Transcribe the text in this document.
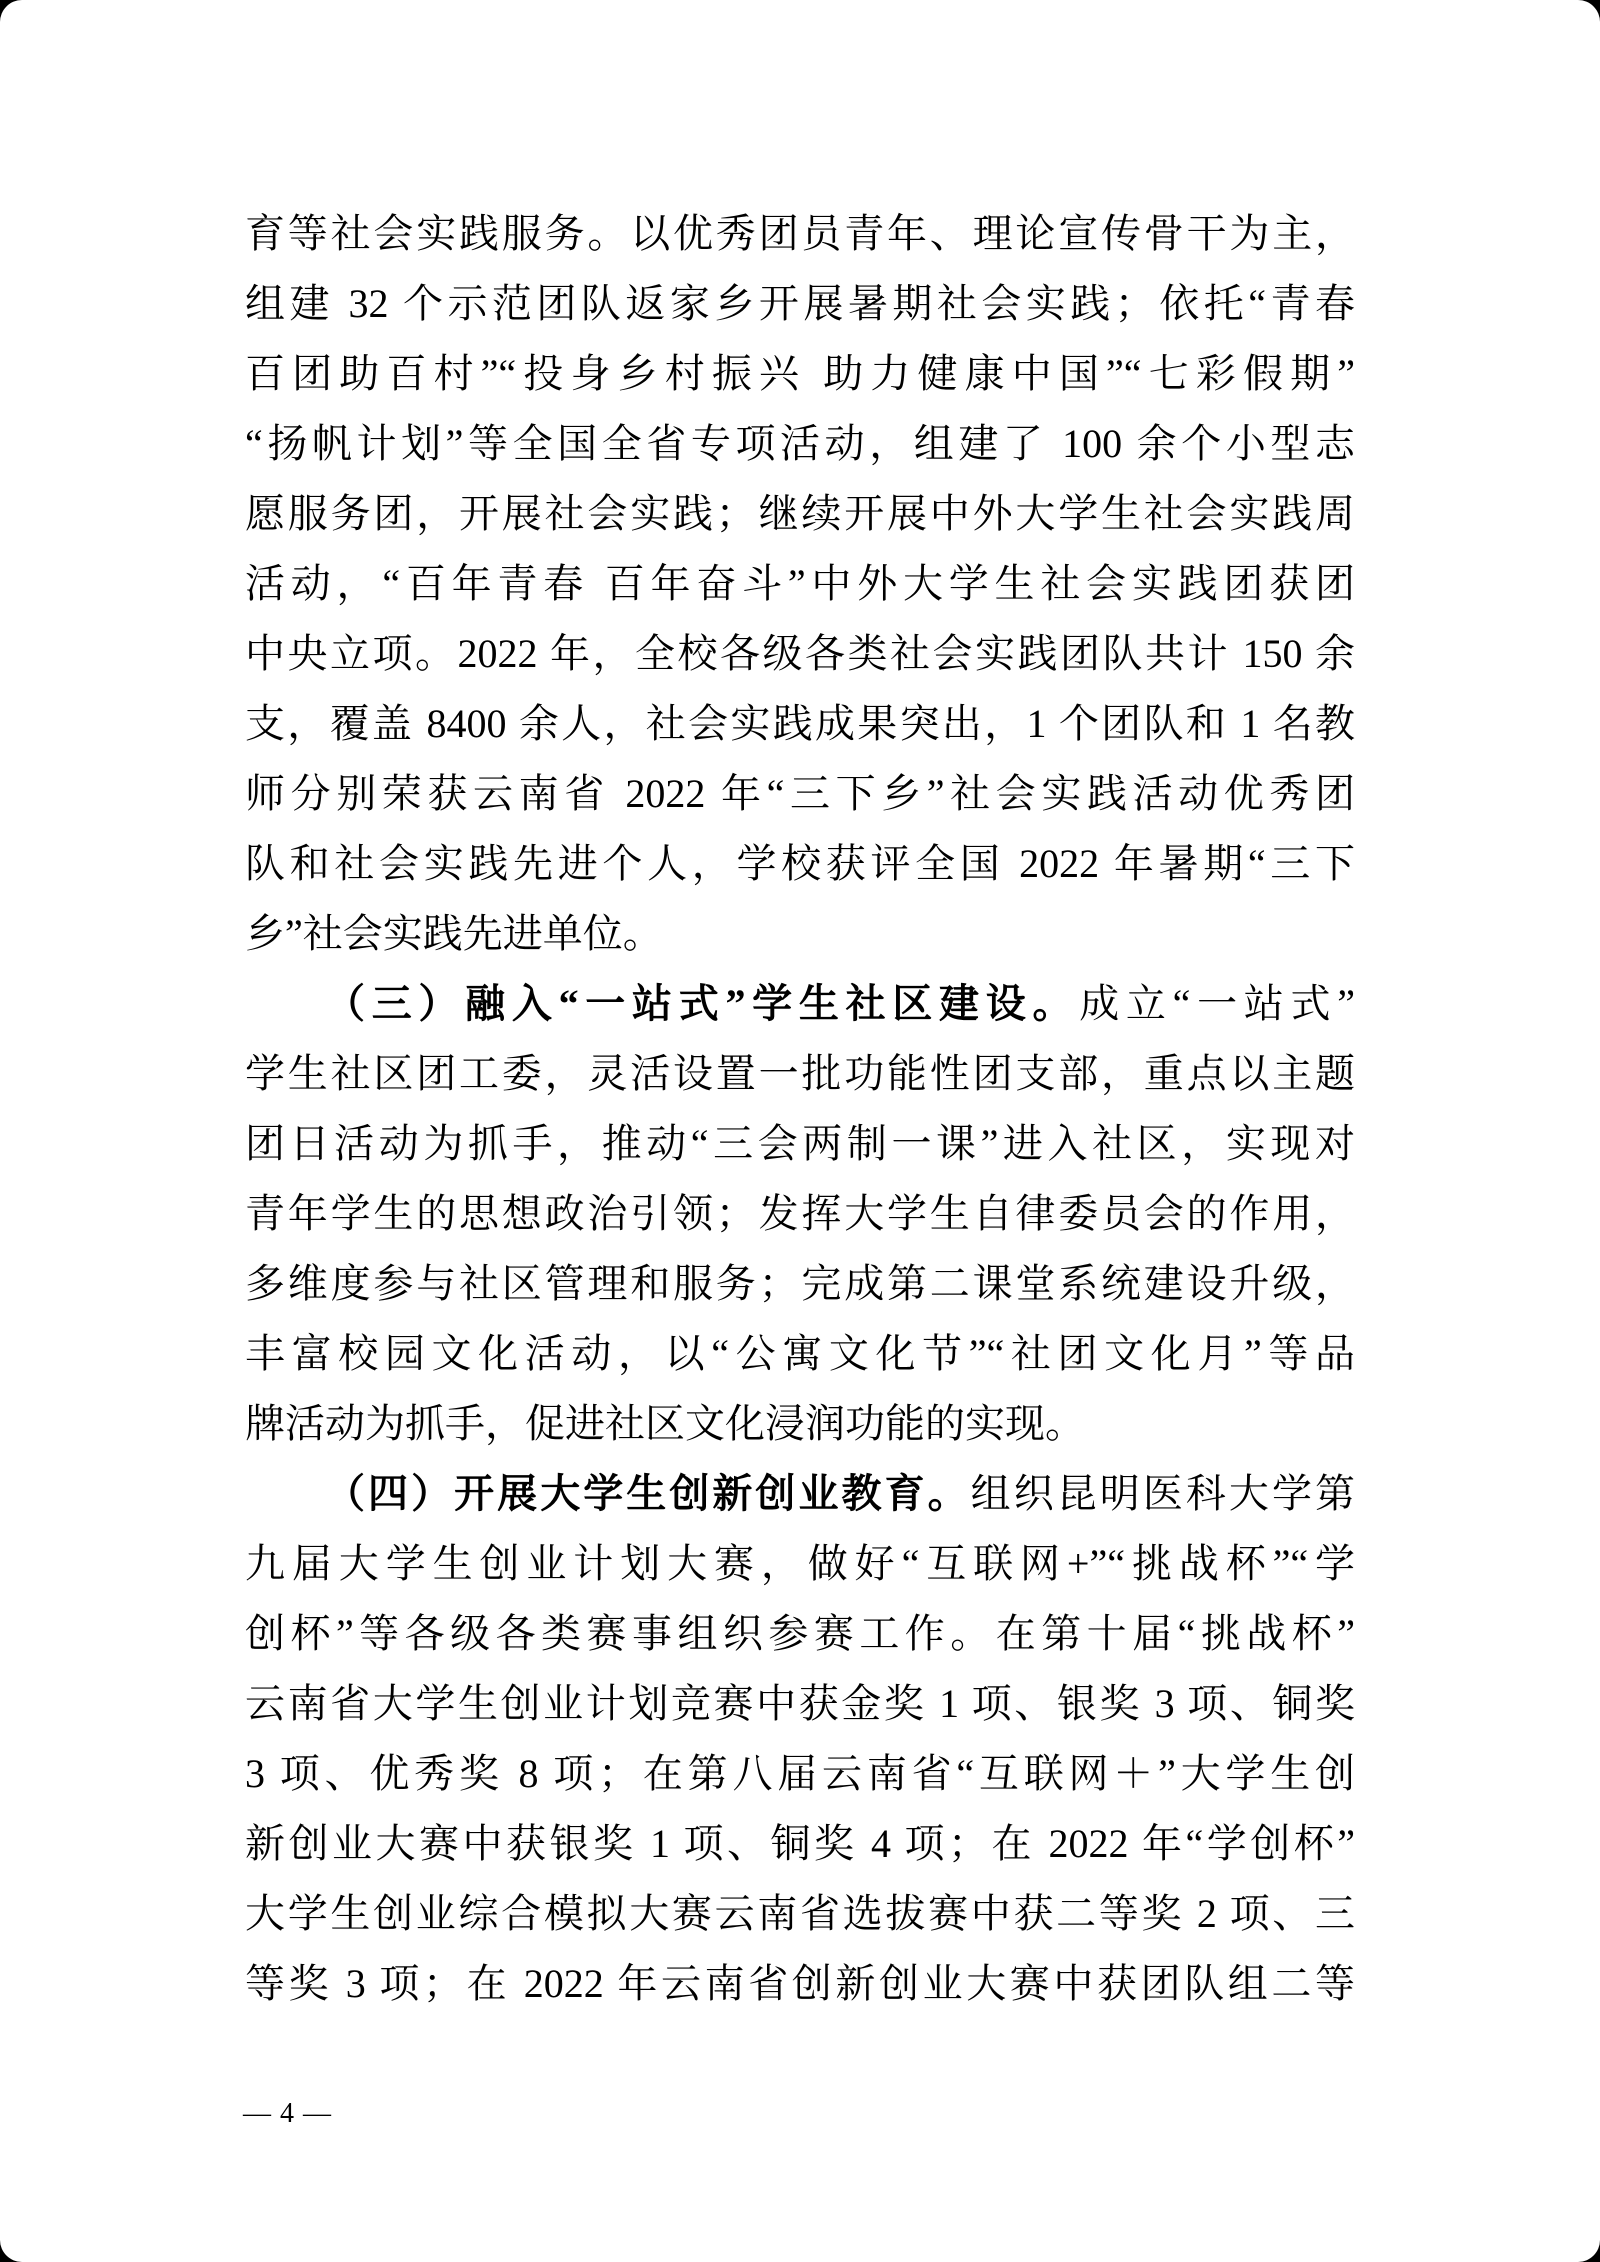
育等社会实践服务。以优秀团员青年、理论宣传骨干为主，
组建 32 个示范团队返家乡开展暑期社会实践；依托“青春
百团助百村”“投身乡村振兴 助力健康中国”“七彩假期”
“扬帆计划”等全国全省专项活动，组建了 100 余个小型志
愿服务团，开展社会实践；继续开展中外大学生社会实践周
活动，“百年青春 百年奋斗”中外大学生社会实践团获团
中央立项。2022 年，全校各级各类社会实践团队共计 150 余
支，覆盖 8400 余人，社会实践成果突出，1 个团队和 1 名教
师分别荣获云南省 2022 年“三下乡”社会实践活动优秀团
队和社会实践先进个人，学校获评全国 2022 年暑期“三下
乡”社会实践先进单位。
（三）融入“一站式”学生社区建设。成立“一站式”
学生社区团工委，灵活设置一批功能性团支部，重点以主题
团日活动为抓手，推动“三会两制一课”进入社区，实现对
青年学生的思想政治引领；发挥大学生自律委员会的作用，
多维度参与社区管理和服务；完成第二课堂系统建设升级，
丰富校园文化活动，以“公寓文化节”“社团文化月”等品
牌活动为抓手，促进社区文化浸润功能的实现。
（四）开展大学生创新创业教育。组织昆明医科大学第
九届大学生创业计划大赛，做好“互联网+”“挑战杯”“学
创杯”等各级各类赛事组织参赛工作。在第十届“挑战杯”
云南省大学生创业计划竞赛中获金奖 1 项、银奖 3 项、铜奖
3 项、优秀奖 8 项；在第八届云南省“互联网＋”大学生创
新创业大赛中获银奖 1 项、铜奖 4 项；在 2022 年“学创杯”
大学生创业综合模拟大赛云南省选拔赛中获二等奖 2 项、三
等奖 3 项；在 2022 年云南省创新创业大赛中获团队组二等
— 4 —
